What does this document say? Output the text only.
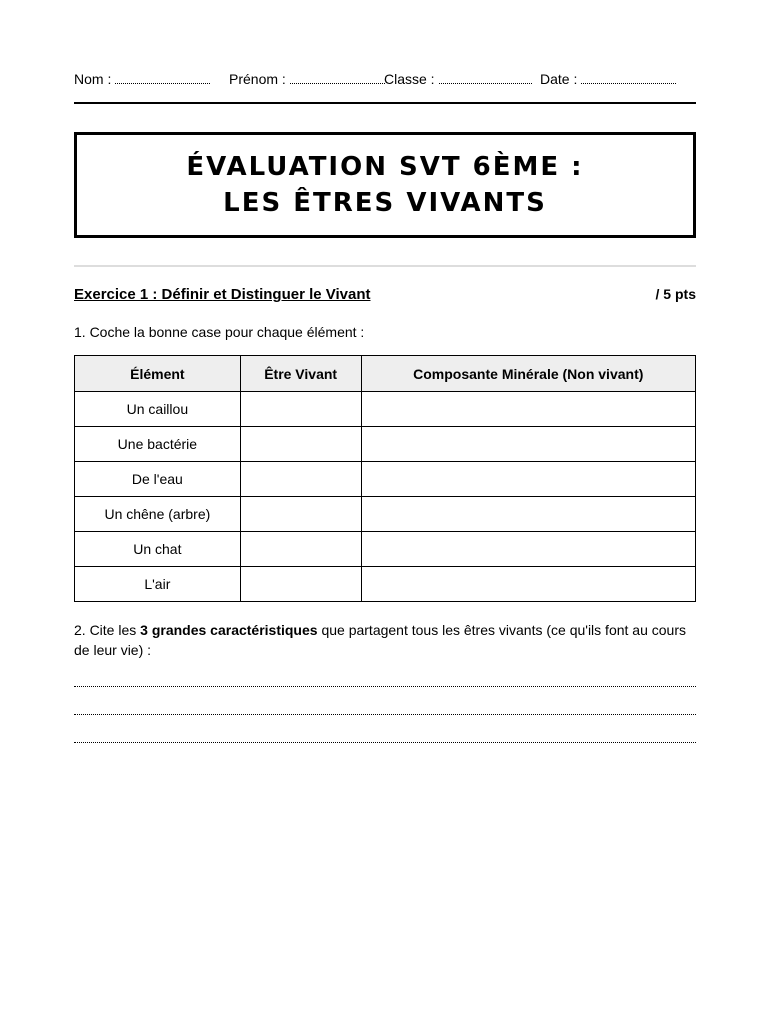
Nom :	Prénom :	Classe :	Date :
ÉVALUATION SVT 6ÈME :
LES ÊTRES VIVANTS
Exercice 1 : Définir et Distinguer le Vivant	/ 5 pts
1. Coche la bonne case pour chaque élément :
Élément	Être Vivant	Composante Minérale (Non vivant)
Un caillou		
Une bactérie		
De l'eau		
Un chêne (arbre)		
Un chat		
L'air		
2. Cite les 3 grandes caractéristiques que partagent tous les êtres vivants (ce qu'ils font au cours de leur vie) :
